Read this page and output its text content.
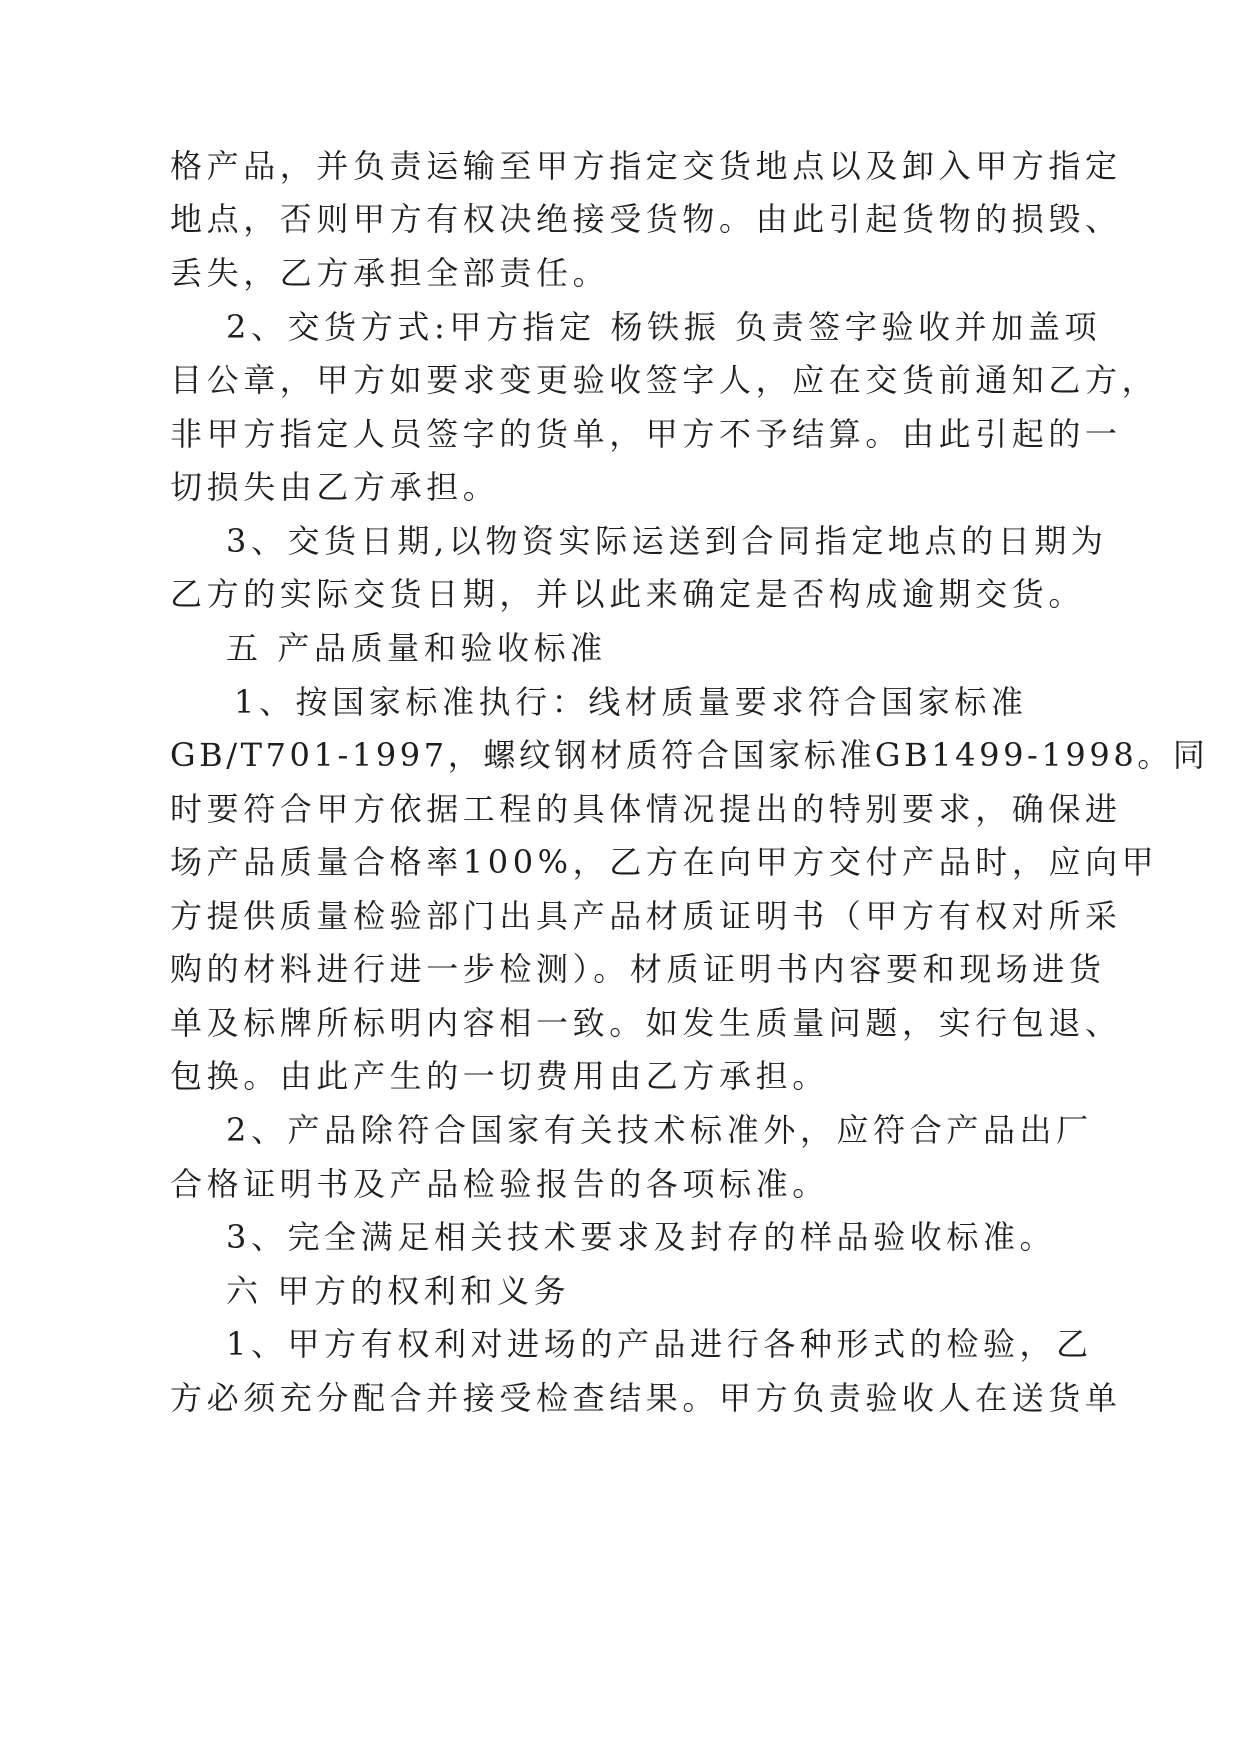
格产品，并负责运输至甲方指定交货地点以及卸入甲方指定
地点，否则甲方有权决绝接受货物。由此引起货物的损毁、
丢失，乙方承担全部责任。
2、交货方式:甲方指定 杨铁振 负责签字验收并加盖项
目公章，甲方如要求变更验收签字人，应在交货前通知乙方，
非甲方指定人员签字的货单，甲方不予结算。由此引起的一
切损失由乙方承担。
3、交货日期,以物资实际运送到合同指定地点的日期为
乙方的实际交货日期，并以此来确定是否构成逾期交货。
五 产品质量和验收标准
1、按国家标准执行：线材质量要求符合国家标准
GB/T701-1997，螺纹钢材质符合国家标准GB1499-1998。同
时要符合甲方依据工程的具体情况提出的特别要求，确保进
场产品质量合格率100%，乙方在向甲方交付产品时，应向甲
方提供质量检验部门出具产品材质证明书（甲方有权对所采
购的材料进行进一步检测）。材质证明书内容要和现场进货
单及标牌所标明内容相一致。如发生质量问题，实行包退、
包换。由此产生的一切费用由乙方承担。
2、产品除符合国家有关技术标准外，应符合产品出厂
合格证明书及产品检验报告的各项标准。
3、完全满足相关技术要求及封存的样品验收标准。
六 甲方的权利和义务
1、甲方有权利对进场的产品进行各种形式的检验，乙
方必须充分配合并接受检查结果。甲方负责验收人在送货单
